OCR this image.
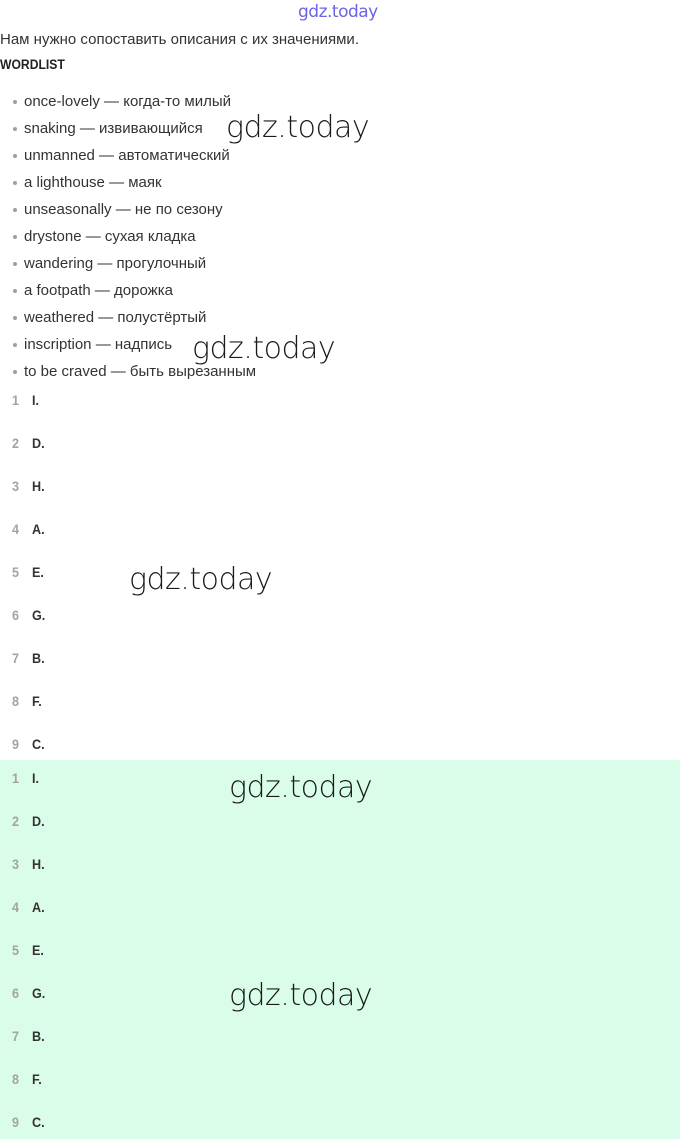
gdz.today
Нам нужно сопоставить описания с их значениями.
WORDLIST
once-lovely — когда-то милый
snaking — извивающийся
unmanned — автоматический
a lighthouse — маяк
unseasonally — не по сезону
drystone — сухая кладка
wandering — прогулочный
a footpath — дорожка
weathered — полустёртый
inscription — надпись
to be craved — быть вырезанным
1 I.
2 D.
3 H.
4 A.
5 E.
6 G.
7 B.
8 F.
9 C.
1 I.
2 D.
3 H.
4 A.
5 E.
6 G.
7 B.
8 F.
9 C.
gdz.today
gdz.today
gdz.today
gdz.today
gdz.today
